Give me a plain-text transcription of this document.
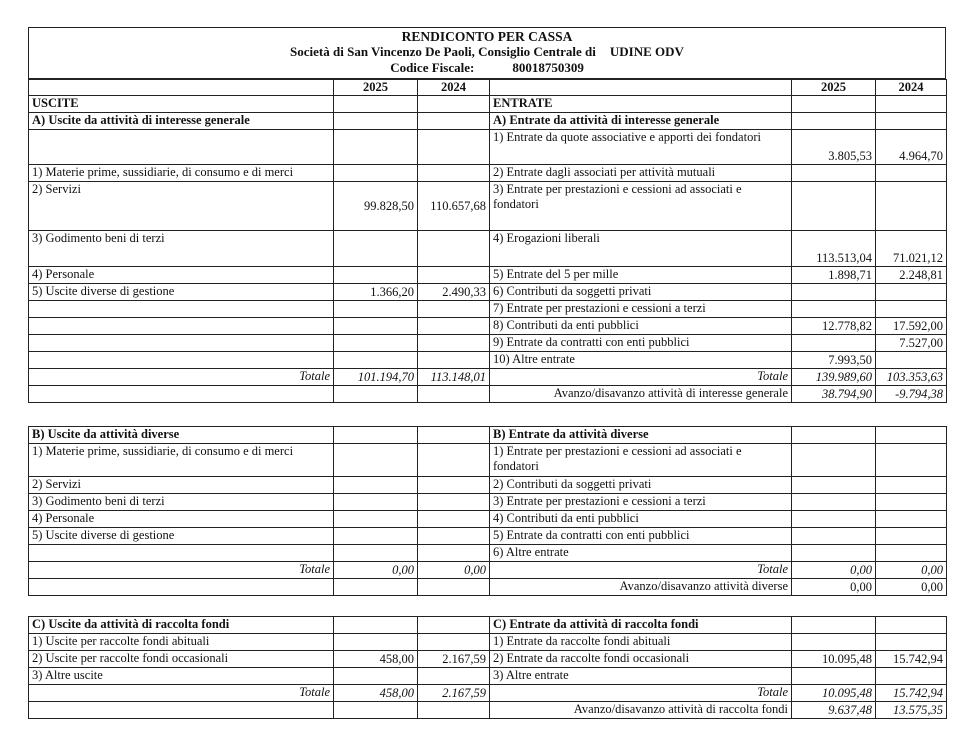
RENDICONTO PER CASSA
Società di San Vincenzo De Paoli, Consiglio Centrale di UDINE ODV
Codice Fiscale:	80018750309
	2025	2024		2025	2024
USCITE			ENTRATE		
A) Uscite da attività di interesse generale			A) Entrate da attività di interesse generale		
			1) Entrate da quote associative e apporti dei fondatori	3.805,53	4.964,70
1) Materie prime, sussidiarie, di consumo e di merci			2) Entrate dagli associati per attività mutuali		
2) Servizi	99.828,50	110.657,68	3) Entrate per prestazioni e cessioni ad associati e fondatori		
3) Godimento beni di terzi			4) Erogazioni liberali	113.513,04	71.021,12
4) Personale			5) Entrate del 5 per mille	1.898,71	2.248,81
5) Uscite diverse di gestione	1.366,20	2.490,33	6) Contributi da soggetti privati		
			7) Entrate per prestazioni e cessioni a terzi		
			8) Contributi da enti pubblici	12.778,82	17.592,00
			9) Entrate da contratti con enti pubblici		7.527,00
			10) Altre entrate	7.993,50	
Totale	101.194,70	113.148,01	Totale	139.989,60	103.353,63
			Avanzo/disavanzo attività di interesse generale	38.794,90	-9.794,38
B) Uscite da attività diverse			B) Entrate da attività diverse		
1) Materie prime, sussidiarie, di consumo e di merci			1) Entrate per prestazioni e cessioni ad associati e fondatori		
2) Servizi			2) Contributi da soggetti privati		
3) Godimento beni di terzi			3) Entrate per prestazioni e cessioni a terzi		
4) Personale			4) Contributi da enti pubblici		
5) Uscite diverse di gestione			5) Entrate da contratti con enti pubblici		
			6) Altre entrate		
Totale	0,00	0,00	Totale	0,00	0,00
			Avanzo/disavanzo attività diverse	0,00	0,00
C) Uscite da attività di raccolta fondi			C) Entrate da attività di raccolta fondi		
1) Uscite per raccolte fondi abituali			1) Entrate da raccolte fondi abituali		
2) Uscite per raccolte fondi occasionali	458,00	2.167,59	2) Entrate da raccolte fondi occasionali	10.095,48	15.742,94
3) Altre uscite			3) Altre entrate		
Totale	458,00	2.167,59	Totale	10.095,48	15.742,94
			Avanzo/disavanzo attività di raccolta fondi	9.637,48	13.575,35
